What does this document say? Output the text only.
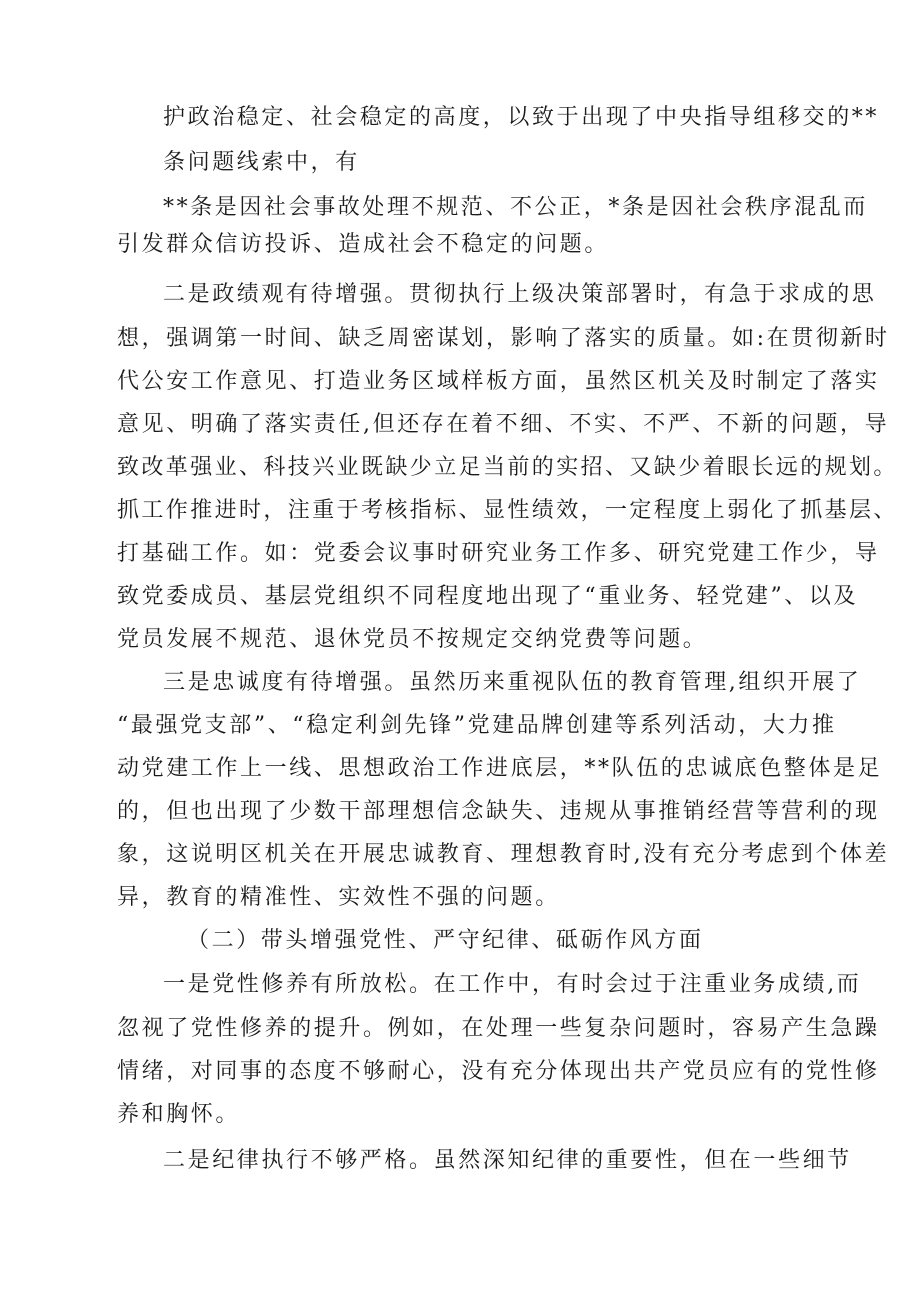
护政治稳定、社会稳定的高度，以致于出现了中央指导组移交的**
条问题线索中，有
**条是因社会事故处理不规范、不公正，*条是因社会秩序混乱而
引发群众信访投诉、造成社会不稳定的问题。
二是政绩观有待增强。贯彻执行上级决策部署时，有急于求成的思
想，强调第一时间、缺乏周密谋划，影响了落实的质量。如:在贯彻新时
代公安工作意见、打造业务区域样板方面，虽然区机关及时制定了落实
意见、明确了落实责任,但还存在着不细、不实、不严、不新的问题，导
致改革强业、科技兴业既缺少立足当前的实招、又缺少着眼长远的规划。
抓工作推进时，注重于考核指标、显性绩效，一定程度上弱化了抓基层、
打基础工作。如：党委会议事时研究业务工作多、研究党建工作少，导
致党委成员、基层党组织不同程度地出现了“重业务、轻党建”、以及
党员发展不规范、退休党员不按规定交纳党费等问题。
三是忠诚度有待增强。虽然历来重视队伍的教育管理,组织开展了
“最强党支部”、“稳定利剑先锋”党建品牌创建等系列活动，大力推
动党建工作上一线、思想政治工作进底层，**队伍的忠诚底色整体是足
的，但也出现了少数干部理想信念缺失、违规从事推销经营等营利的现
象，这说明区机关在开展忠诚教育、理想教育时,没有充分考虑到个体差
异，教育的精准性、实效性不强的问题。
（二）带头增强党性、严守纪律、砥砺作风方面
一是党性修养有所放松。在工作中，有时会过于注重业务成绩,而
忽视了党性修养的提升。例如，在处理一些复杂问题时，容易产生急躁
情绪，对同事的态度不够耐心，没有充分体现出共产党员应有的党性修
养和胸怀。
二是纪律执行不够严格。虽然深知纪律的重要性，但在一些细节
